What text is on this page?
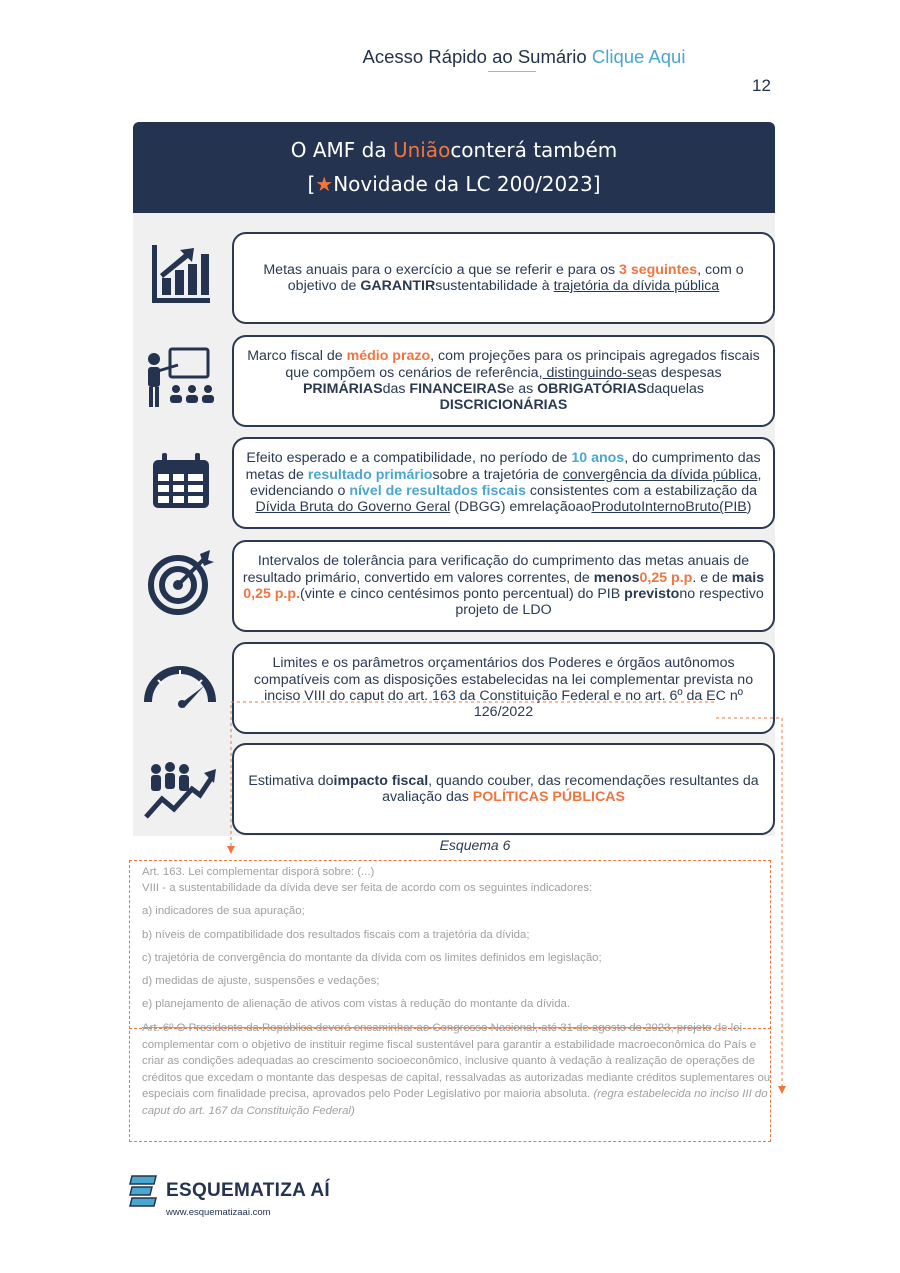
Acesso Rápido ao Sumário Clique Aqui
12
O AMF da Uniãoconterá também
[★Novidade da LC 200/2023]

Metas anuais para o exercício a que se referir e para os 3 seguintes, com o objetivo de GARANTIRsustentabilidade à trajetória da dívida pública

Marco fiscal de médio prazo, com projeções para os principais agregados fiscais que compõem os cenários de referência, distinguindo-seas despesas PRIMÁRIASdas FINANCEIRASe as OBRIGATÓRIASdaquelas DISCRICIONÁRIAS

Efeito esperado e a compatibilidade, no período de 10 anos, do cumprimento das metas de resultado primáriosobre a trajetória de convergência da dívida pública, evidenciando o nível de resultados fiscais consistentes com a estabilização da Dívida Bruta do Governo Geral (DBGG) emrelaçãoaoProdutoInternoBruto(PIB)

Intervalos de tolerância para verificação do cumprimento das metas anuais de resultado primário, convertido em valores correntes, de menos0,25 p.p. e de mais 0,25 p.p.(vinte e cinco centésimos ponto percentual) do PIB previstono respectivo projeto de LDO

Limites e os parâmetros orçamentários dos Poderes e órgãos autônomos compatíveis com as disposições estabelecidas na lei complementar prevista no inciso VIII do caput do art. 163 da Constituição Federal e no art. 6º da EC nº 126/2022

Estimativa doimpacto fiscal, quando couber, das recomendações resultantes da avaliação das POLÍTICAS PÚBLICAS

Esquema 6
Art. 163. Lei complementar disporá sobre: (...)
VIII - a sustentabilidade da dívida deve ser feita de acordo com os seguintes indicadores:
a) indicadores de sua apuração;
b) níveis de compatibilidade dos resultados fiscais com a trajetória da dívida;
c) trajetória de convergência do montante da dívida com os limites definidos em legislação;
d) medidas de ajuste, suspensões e vedações;
e) planejamento de alienação de ativos com vistas à redução do montante da dívida.
Art. 6º O Presidente da República deverá encaminhar ao Congresso Nacional, até 31 de agosto de 2023, projeto de lei complementar com o objetivo de instituir regime fiscal sustentável para garantir a estabilidade macroeconômica do País e criar as condições adequadas ao crescimento socioeconômico, inclusive quanto à vedação à realização de operações de créditos que excedam o montante das despesas de capital, ressalvadas as autorizadas mediante créditos suplementares ou especiais com finalidade precisa, aprovados pelo Poder Legislativo por maioria absoluta. (regra estabelecida no inciso III do caput do art. 167 da Constituição Federal)
ESQUEMATIZA AÍ
www.esquematizaai.com
